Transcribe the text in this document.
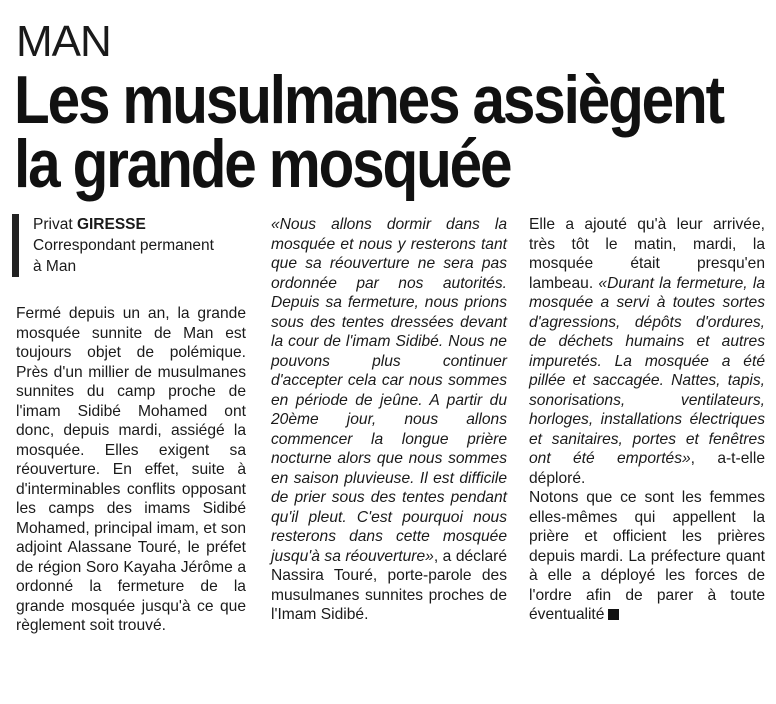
MAN
Les musulmanes assiègent
la grande mosquée
Privat GIRESSE
Correspondant permanent
à Man

Fermé depuis un an, la grande mosquée sunnite de Man est toujours objet de polémique. Près d'un millier de musulmanes sunnites du camp proche de l'imam Sidibé Mohamed ont donc, depuis mardi, assiégé la mosquée. Elles exigent sa réouverture. En effet, suite à d'interminables conflits opposant les camps des imams Sidibé Mohamed, principal imam, et son adjoint Alassane Touré, le préfet de région Soro Kayaha Jérôme a ordonné la fermeture de la grande mosquée jusqu'à ce que règlement soit trouvé.

«Nous allons dormir dans la mosquée et nous y resterons tant que sa réouverture ne sera pas ordonnée par nos autorités. Depuis sa fermeture, nous prions sous des tentes dressées devant la cour de l'imam Sidibé. Nous ne pouvons plus continuer d'accepter cela car nous sommes en période de jeûne. A partir du 20ème jour, nous allons commencer la longue prière nocturne alors que nous sommes en saison pluvieuse. Il est difficile de prier sous des tentes pendant qu'il pleut. C'est pourquoi nous resterons dans cette mosquée jusqu'à sa réouverture», a déclaré Nassira Touré, porte-parole des musulmanes sunnites proches de l'Imam Sidibé.

Elle a ajouté qu'à leur arrivée, très tôt le matin, mardi, la mosquée était presqu'en lambeau. «Durant la fermeture, la mosquée a servi à toutes sortes d'agressions, dépôts d'ordures, de déchets humains et autres impuretés. La mosquée a été pillée et saccagée. Nattes, tapis, sonorisations, ventilateurs, horloges, installations électriques et sanitaires, portes et fenêtres ont été emportés», a-t-elle déploré.

Notons que ce sont les femmes elles-mêmes qui appellent la prière et officient les prières depuis mardi. La préfecture quant à elle a déployé les forces de l'ordre afin de parer à toute éventualité
